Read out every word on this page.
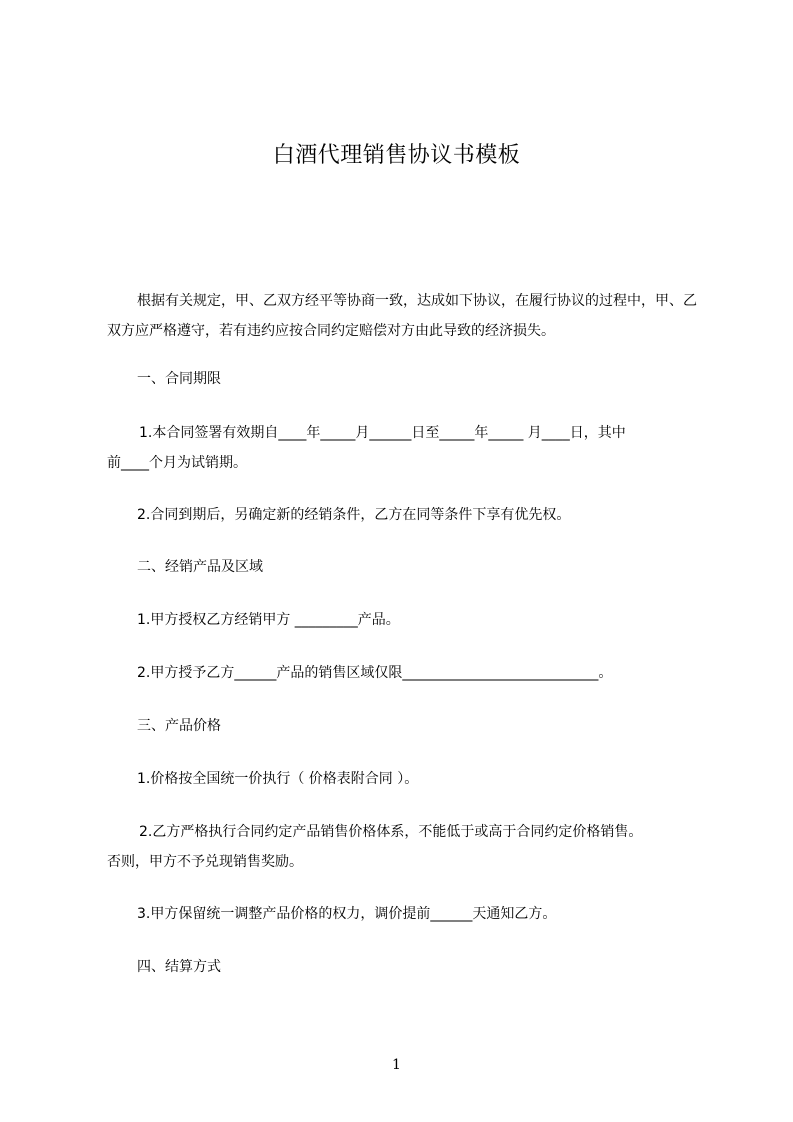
白酒代理销售协议书模板

根据有关规定，甲、乙双方经平等协商一致，达成如下协议，在履行协议的过程中，甲、乙双方应严格遵守，若有违约应按合同约定赔偿对方由此导致的经济损失。

一、合同期限

1.本合同签署有效期自____年_____月______日至_____年_____ 月____日，其中

前____个月为试销期。

2.合同到期后，另确定新的经销条件，乙方在同等条件下享有优先权。

二、经销产品及区域

1.甲方授权乙方经销甲方 _________产品。

2.甲方授予乙方______产品的销售区域仅限____________________________。

三、产品价格

1.价格按全国统一价执行（ 价格表附合同 ）。

2.乙方严格执行合同约定产品销售价格体系，不能低于或高于合同约定价格销售。

否则，甲方不予兑现销售奖励。

3.甲方保留统一调整产品价格的权力，调价提前______天通知乙方。

四、结算方式

1
